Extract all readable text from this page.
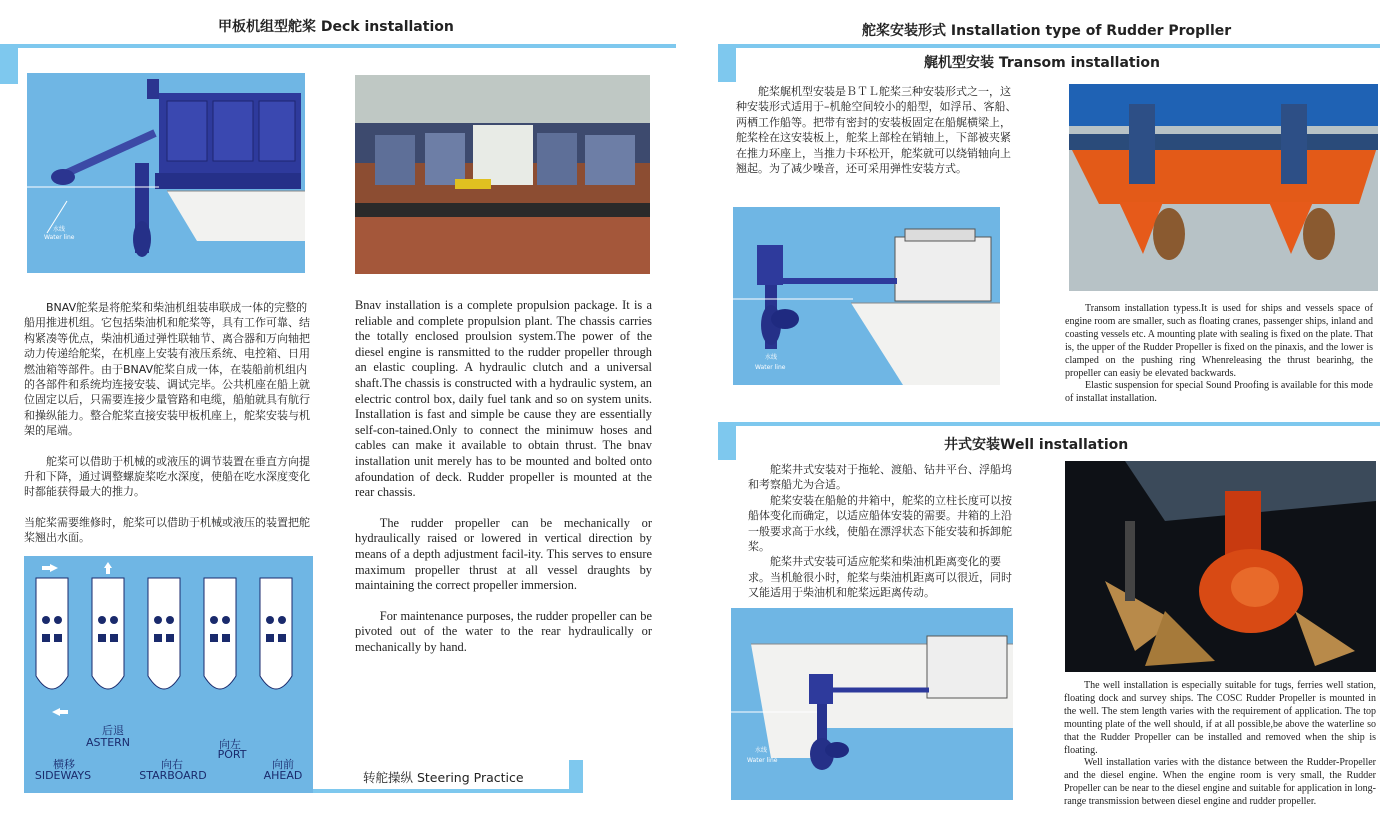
甲板机组型舵桨 Deck installation
水线
Water line

BNAV舵桨是将舵桨和柴油机组装串联成一体的完整的船用推进机组。它包括柴油机和舵桨等，具有工作可靠、结构紧凑等优点，柴油机通过弹性联轴节、离合器和万向轴把动力传递给舵桨，在机座上安装有液压系统、电控箱、日用燃油箱等部件。由于BNAV舵桨自成一体，在装船前机组内的各部件和系统均连接安装、调试完毕。公共机座在船上就位固定以后，只需要连接少量管路和电缆，船舶就具有航行和操纵能力。整合舵桨直接安装甲板机座上，舵桨安装与机架的尾端。

舵桨可以借助于机械的或液压的调节装置在垂直方向提升和下降，通过调整螺旋桨吃水深度，使船在吃水深度变化时都能获得最大的推力。

当舵桨需要维修时，舵桨可以借助于机械或液压的装置把舵桨翘出水面。

Bnav installation is a complete propulsion package. It is a reliable and complete propulsion plant. The chassis carries the totally enclosed proulsion system.The power of the diesel engine is ransmitted to the rudder propeller through an elastic coupling. A hydraulic clutch and a universal shaft.The chassis is constructed with a hydraulic system, an electric control box, daily fuel tank and so on system units. Installation is fast and simple be cause they are essentially self-con-tained.Only to connect the minimuw hoses and cables can make it available to obtain thrust. The bnav installation unit merely has to be mounted and bolted onto afoundation of deck. Rudder propeller is mounted at the rear chassis.

The rudder propeller can be mechanically or hydraulically raised or lowered in vertical direction by means of a depth adjustment facil-ity. This serves to ensure maximum propeller thrust at all vessel draughts by maintaining the correct propeller immersion.

For maintenance purposes, the rudder propeller can be pivoted out of the water to the rear hydraulically or mechanically by hand.

后退
ASTERN	向左
PORT
横移
SIDEWAYS
向右
STARBOARD
向前
AHEAD	转舵操纵 Steering Practice
舵桨安装形式 Installation type of Rudder Propller
艉机型安装 Transom installation

舵桨艉机型安装是ＢＴＬ舵桨三种安装形式之一，这种安装形式适用于–机舱空间较小的船型，如浮吊、客船、两栖工作船等。把带有密封的安装板固定在船艉横梁上，舵桨栓在这安装板上，舵桨上部栓在销轴上，下部被夹紧在推力环座上，当推力卡环松开，舵桨就可以绕销轴向上翘起。为了减少噪音，还可采用弹性安装方式。

水线
Water line

Transom installation typess.It is used for ships and vessels space of engine room are smaller, such as floating cranes, passenger ships, inland and coasting vessels etc. A mounting plate with sealing is fixed on the plate. That is, the upper of the Rudder Propeller is fixed on the pinaxis, and the lower is clamped on the pushing ring Whenreleasing the thrust bearinhg, the propeller can easiy be elevated backwards.

Elastic suspension for special Sound Proofing is available for this mode of installat installation.

井式安装Well installation

舵桨井式安装对于拖轮、渡船、钻井平台、浮船坞和考察船尤为合适。

舵桨安装在船舱的井箱中，舵桨的立柱长度可以按船体变化而确定，以适应船体安装的需要。井箱的上沿一般要求高于水线，使船在漂浮状态下能安装和拆卸舵桨。

舵桨井式安装可适应舵桨和柴油机距离变化的要求。当机舱很小时，舵桨与柴油机距离可以很近，同时又能适用于柴油机和舵桨远距离传动。

水线
Water line

The well installation is especially suitable for tugs, ferries well station, floating dock and survey ships. The COSC Rudder Propeller is mounted in the well. The stem length varies with the requirement of application. The top mounting plate of the well should, if at all possible,be above the waterline so that the Rudder Propeller can be installed and removed when the ship is floating.

Well installation varies with the distance between the Rudder-Propeller and the diesel engine. When the engine room is very small, the Rudder Propeller can be near to the diesel engine and suitable for application in long-range transmission between diesel engine and rudder propeller.
